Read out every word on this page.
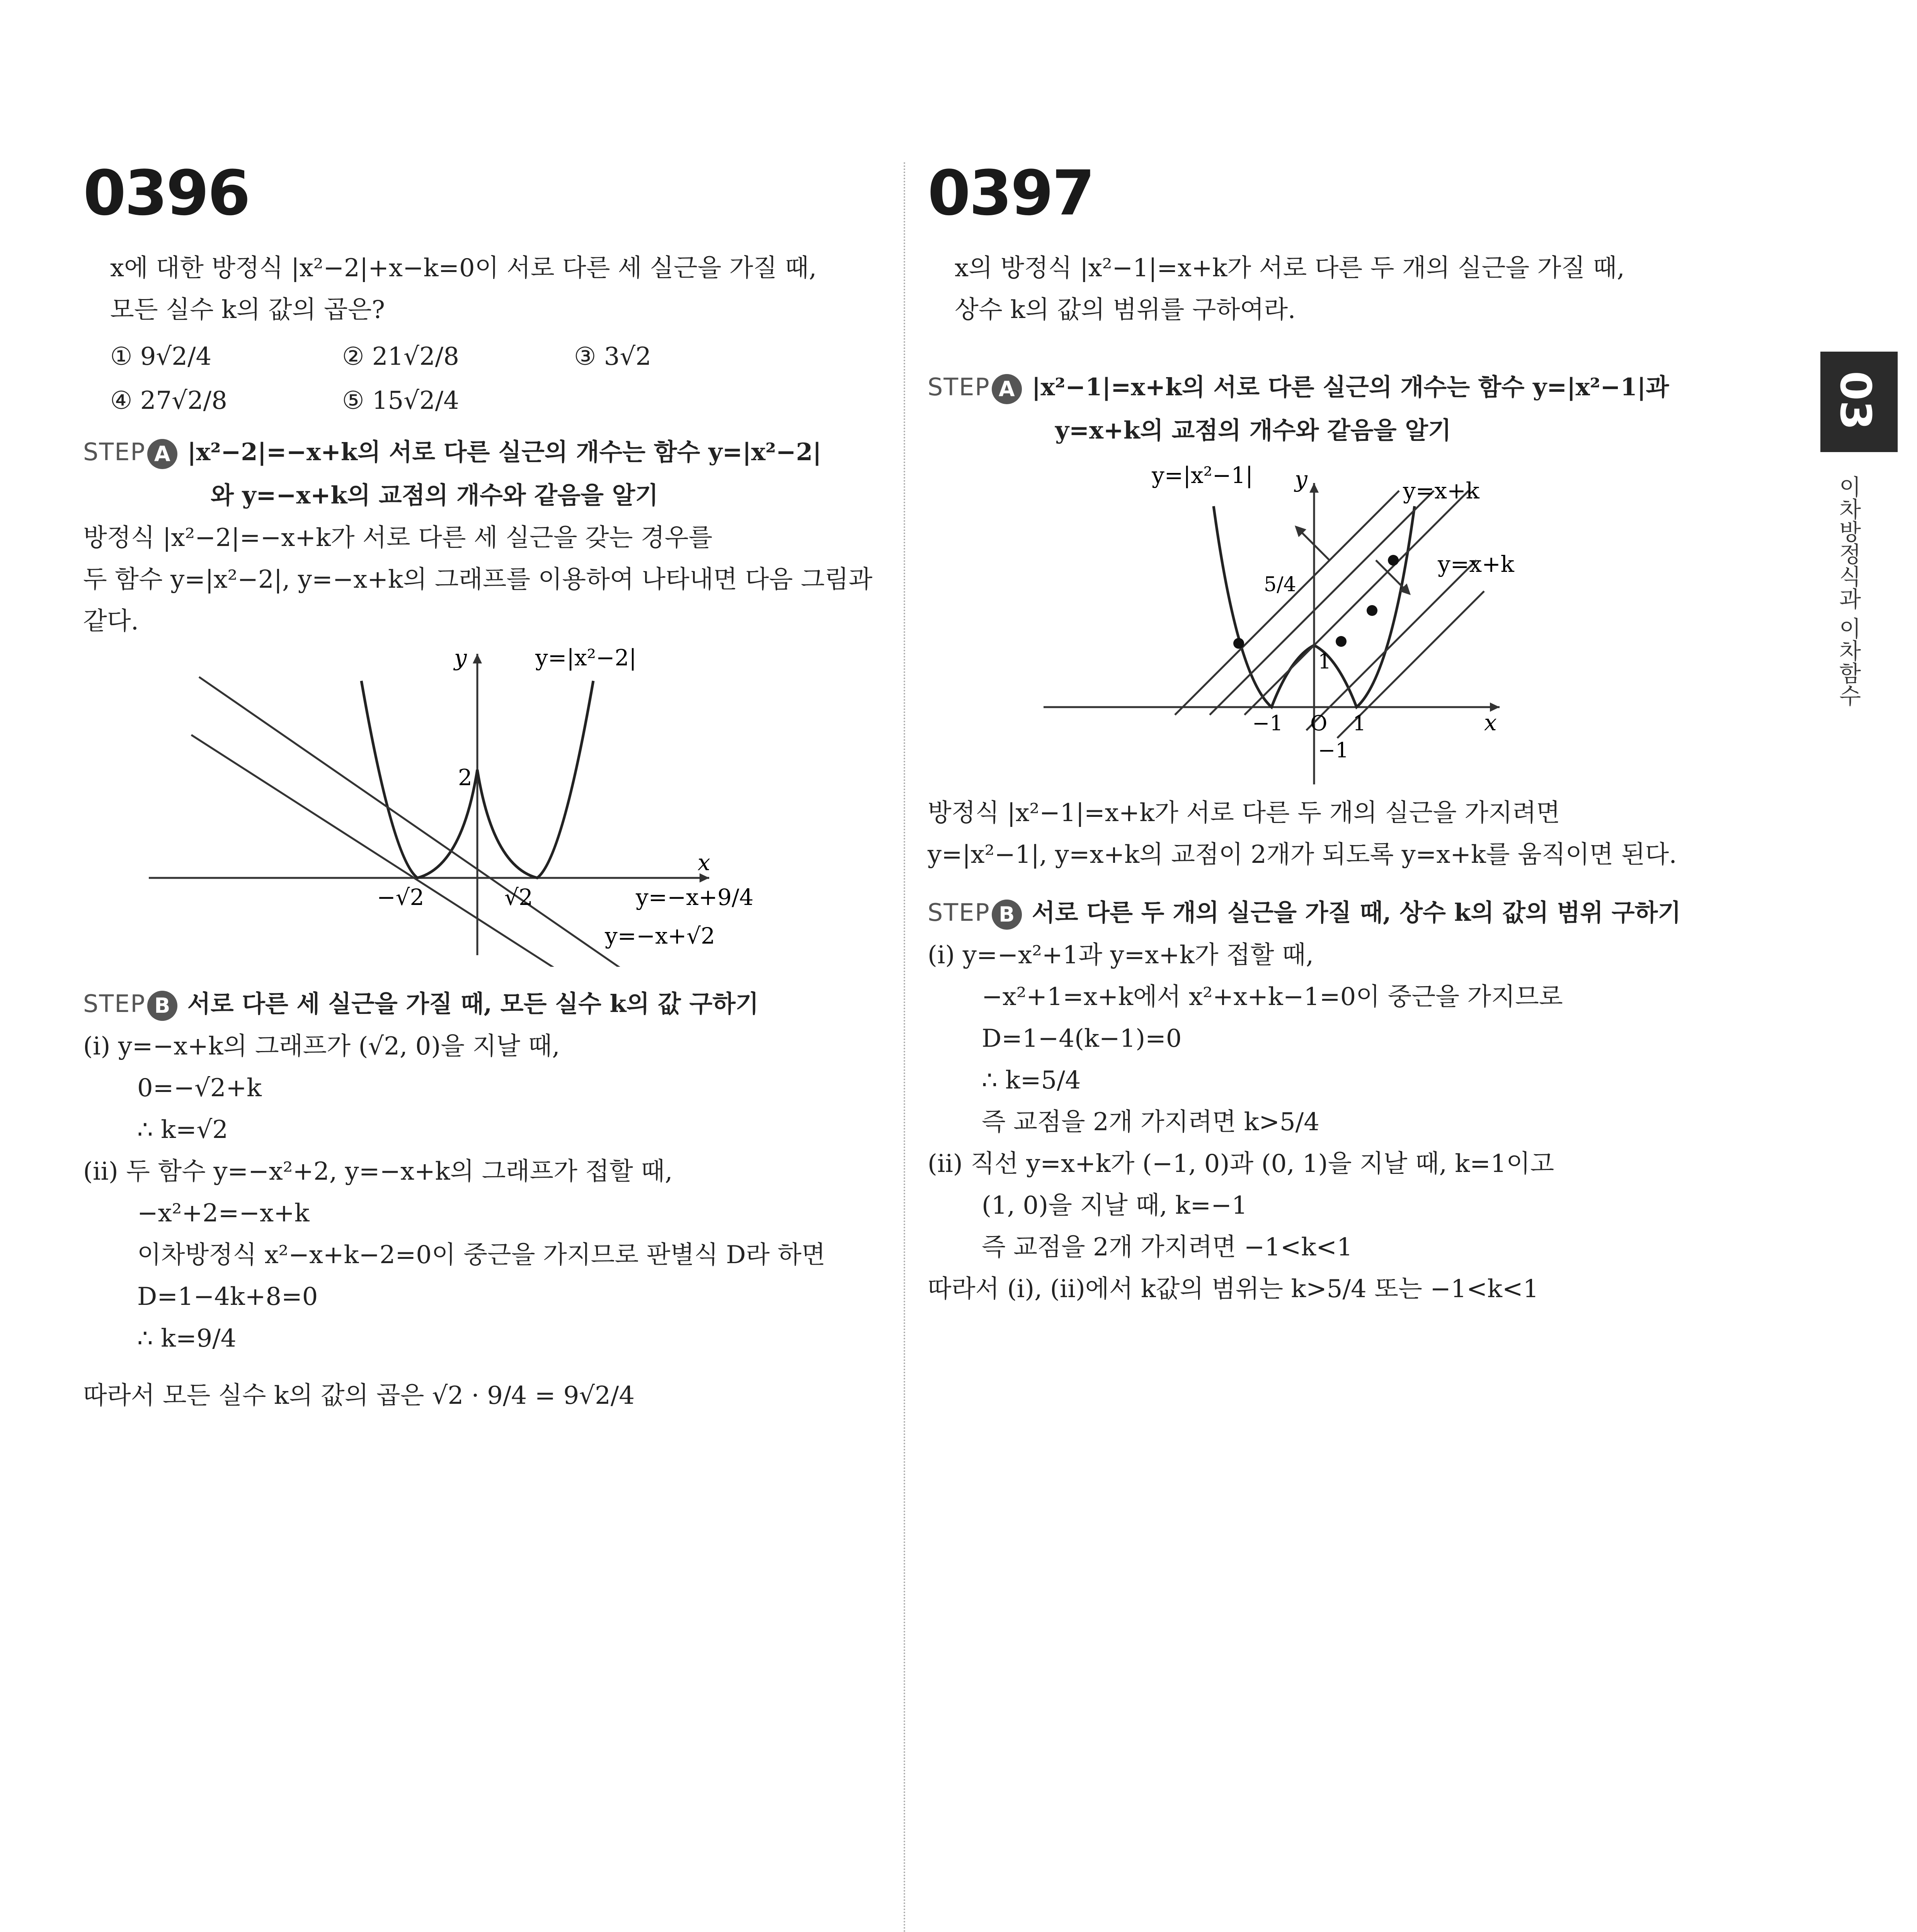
03
이차방정식과 이차함수
0396
x에 대한 방정식 |x²−2|+x−k=0이 서로 다른 세 실근을 가질 때,
모든 실수 k의 값의 곱은?
① 9√2/4	② 21√2/8	③ 3√2
④ 27√2/8	⑤ 15√2/4
STEP A |x²−2|=−x+k의 서로 다른 실근의 개수는 함수 y=|x²−2|
와 y=−x+k의 교점의 개수와 같음을 알기
방정식 |x²−2|=−x+k가 서로 다른 세 실근을 갖는 경우를
두 함수 y=|x²−2|, y=−x+k의 그래프를 이용하여 나타내면 다음 그림과
같다.
y
x
y=|x²−2|
2
−√2	√2	y=−x+9/4
y=−x+√2
STEP B 서로 다른 세 실근을 가질 때, 모든 실수 k의 값 구하기
(ⅰ) y=−x+k의 그래프가 (√2, 0)을 지날 때,
0=−√2+k
∴ k=√2
(ⅱ) 두 함수 y=−x²+2, y=−x+k의 그래프가 접할 때,
−x²+2=−x+k
이차방정식 x²−x+k−2=0이 중근을 가지므로 판별식 D라 하면
D=1−4k+8=0
∴ k=9/4
따라서 모든 실수 k의 값의 곱은 √2 · 9/4 = 9√2/4
0397
x의 방정식 |x²−1|=x+k가 서로 다른 두 개의 실근을 가질 때,
상수 k의 값의 범위를 구하여라.
STEP A |x²−1|=x+k의 서로 다른 실근의 개수는 함수 y=|x²−1|과
y=x+k의 교점의 개수와 같음을 알기
y=|x²−1| y
x
y=x+k
y=x+k
5/4
1
−1 O 1
−1
방정식 |x²−1|=x+k가 서로 다른 두 개의 실근을 가지려면
y=|x²−1|, y=x+k의 교점이 2개가 되도록 y=x+k를 움직이면 된다.
STEP B 서로 다른 두 개의 실근을 가질 때, 상수 k의 값의 범위 구하기
(ⅰ) y=−x²+1과 y=x+k가 접할 때,
−x²+1=x+k에서 x²+x+k−1=0이 중근을 가지므로
D=1−4(k−1)=0
∴ k=5/4
즉 교점을 2개 가지려면 k>5/4
(ⅱ) 직선 y=x+k가 (−1, 0)과 (0, 1)을 지날 때, k=1이고
(1, 0)을 지날 때, k=−1
즉 교점을 2개 가지려면 −1<k<1
따라서 (ⅰ), (ⅱ)에서 k값의 범위는 k>5/4 또는 −1<k<1
